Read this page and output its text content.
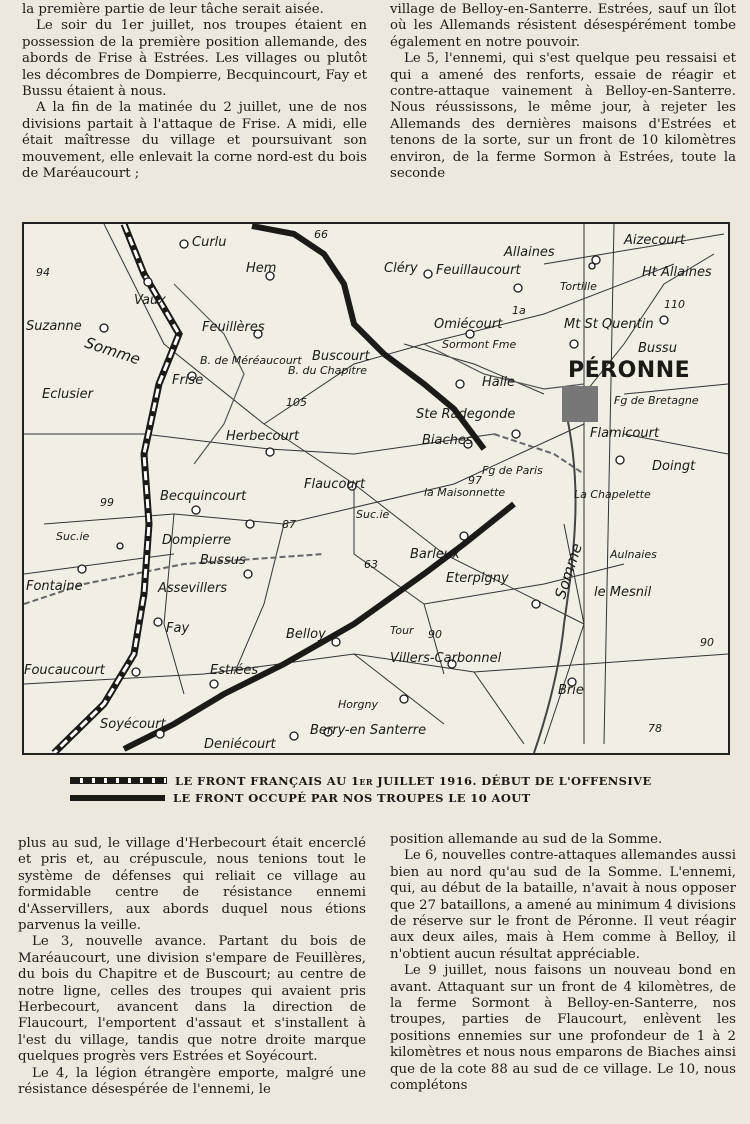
la première partie de leur tâche serait aisée.

Le soir du 1er juillet, nos troupes étaient en possession de la première position allemande, des abords de Frise à Estrées. Les villages ou plutôt les décombres de Dompierre, Becquincourt, Fay et Bussu étaient à nous.

A la fin de la matinée du 2 juillet, une de nos divisions partait à l'attaque de Frise. A midi, elle était maîtresse du village et poursuivant son mouvement, elle enlevait la corne nord-est du bois de Maréaucourt ;

village de Belloy-en-Santerre. Estrées, sauf un îlot où les Allemands résistent désespérément tombe également en notre pouvoir.

Le 5, l'ennemi, qui s'est quelque peu ressaisi et qui a amené des renforts, essaie de réagir et contre-attaque vainement à Belloy-en-Santerre. Nous réussissons, le même jour, à rejeter les Allemands des dernières maisons d'Estrées et tenons de la sorte, sur un front de 10 kilomètres environ, de la ferme Sormon à Estrées, toute la seconde

Curlu
Hem	Cléry
Allaines
Aizecourt
Feuillaucourt	Ht Allaines
Tortille
Vaux
Suzanne	Feuillères	Omiécourt	Mt St Quentin
Sormont Fme	Bussu
B. de Méréaucourt Buscourt
B. du Chapitre
Frise	Halle PÉRONNE
Eclusier
Ste Radegonde
Fg de Bretagne
Herbecourt	Biaches	Flamicourt
Fg de Paris	Doingt
Flaucourt
la Maisonnette
Becquincourt	La Chapelette
Suc.ie
Suc.ie	Dompierre
Bussus	Aulnaies
Barleux
Fontaine	Assevillers
Eterpigny
le Mesnil
Fay	Tour
Belloy
Villers-Carbonnel
Foucaucourt	Estrées
Brie
Horgny
Soyécourt
Deniécourt
Berry-en Santerre
Somme
Somme
66
94
110
105
1a
97
87
99
63
90
90
78
LE FRONT FRANÇAIS AU 1er JUILLET 1916. DÉBUT DE L'OFFENSIVE
LE FRONT OCCUPÉ PAR NOS TROUPES LE 10 AOUT

plus au sud, le village d'Herbecourt était encerclé et pris et, au crépuscule, nous tenions tout le système de défenses qui reliait ce village au formidable centre de résistance ennemi d'Asservillers, aux abords duquel nous étions parvenus la veille.

Le 3, nouvelle avance. Partant du bois de Maréaucourt, une division s'empare de Feuillères, du bois du Chapitre et de Buscourt; au centre de notre ligne, celles des troupes qui avaient pris Herbecourt, avancent dans la direction de Flaucourt, l'emportent d'assaut et s'installent à l'est du village, tandis que notre droite marque quelques progrès vers Estrées et Soyécourt.

Le 4, la légion étrangère emporte, malgré une résistance désespérée de l'ennemi, le

position allemande au sud de la Somme.

Le 6, nouvelles contre-attaques allemandes aussi bien au nord qu'au sud de la Somme. L'ennemi, qui, au début de la bataille, n'avait à nous opposer que 27 bataillons, a amené au minimum 4 divisions de réserve sur le front de Péronne. Il veut réagir aux deux ailes, mais à Hem comme à Belloy, il n'obtient aucun résultat appréciable.

Le 9 juillet, nous faisons un nouveau bond en avant. Attaquant sur un front de 4 kilomètres, de la ferme Sormont à Belloy-en-Santerre, nos troupes, parties de Flaucourt, enlèvent les positions ennemies sur une profondeur de 1 à 2 kilomètres et nous nous emparons de Biaches ainsi que de la cote 88 au sud de ce village. Le 10, nous complétons
